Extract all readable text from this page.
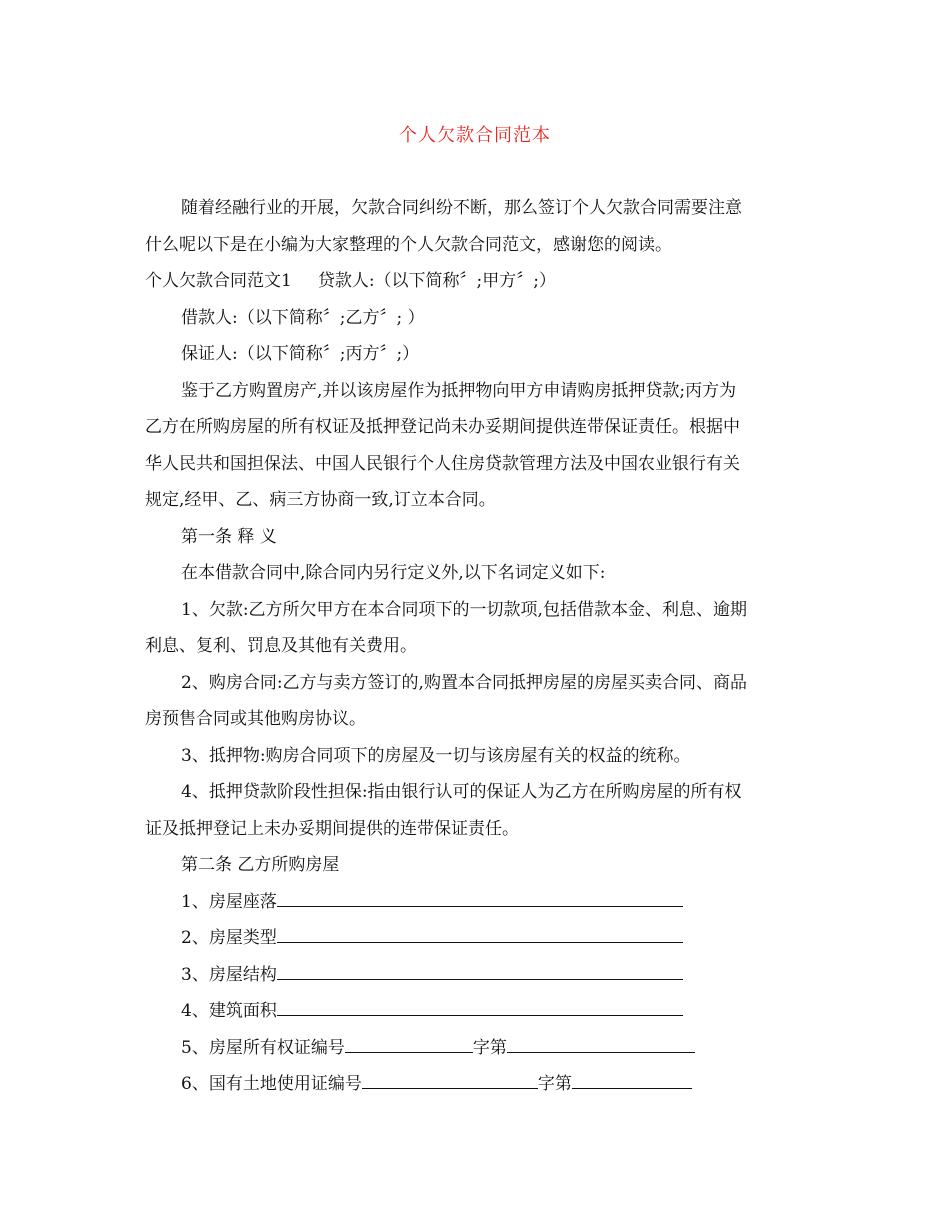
个人欠款合同范本
随着经融行业的开展，欠款合同纠纷不断，那么签订个人欠款合同需要注意
什么呢以下是在小编为大家整理的个人欠款合同范文，感谢您的阅读。
个人欠款合同范文1 贷款人:（以下简称〞;甲方〞;）
借款人:（以下简称〞;乙方〞; ）
保证人:（以下简称〞;丙方〞;）
鉴于乙方购置房产,并以该房屋作为抵押物向甲方申请购房抵押贷款;丙方为
乙方在所购房屋的所有权证及抵押登记尚未办妥期间提供连带保证责任。根据中
华人民共和国担保法、中国人民银行个人住房贷款管理方法及中国农业银行有关
规定,经甲、乙、病三方协商一致,订立本合同。
第一条 释 义
在本借款合同中,除合同内另行定义外,以下名词定义如下:
1、欠款:乙方所欠甲方在本合同项下的一切款项,包括借款本金、利息、逾期
利息、复利、罚息及其他有关费用。
2、购房合同:乙方与卖方签订的,购置本合同抵押房屋的房屋买卖合同、商品
房预售合同或其他购房协议。
3、抵押物:购房合同项下的房屋及一切与该房屋有关的权益的统称。
4、抵押贷款阶段性担保:指由银行认可的保证人为乙方在所购房屋的所有权
证及抵押登记上未办妥期间提供的连带保证责任。
第二条 乙方所购房屋
1、房屋座落
2、房屋类型
3、房屋结构
4、建筑面积
5、房屋所有权证编号	字第
6、国有土地使用证编号	字第
